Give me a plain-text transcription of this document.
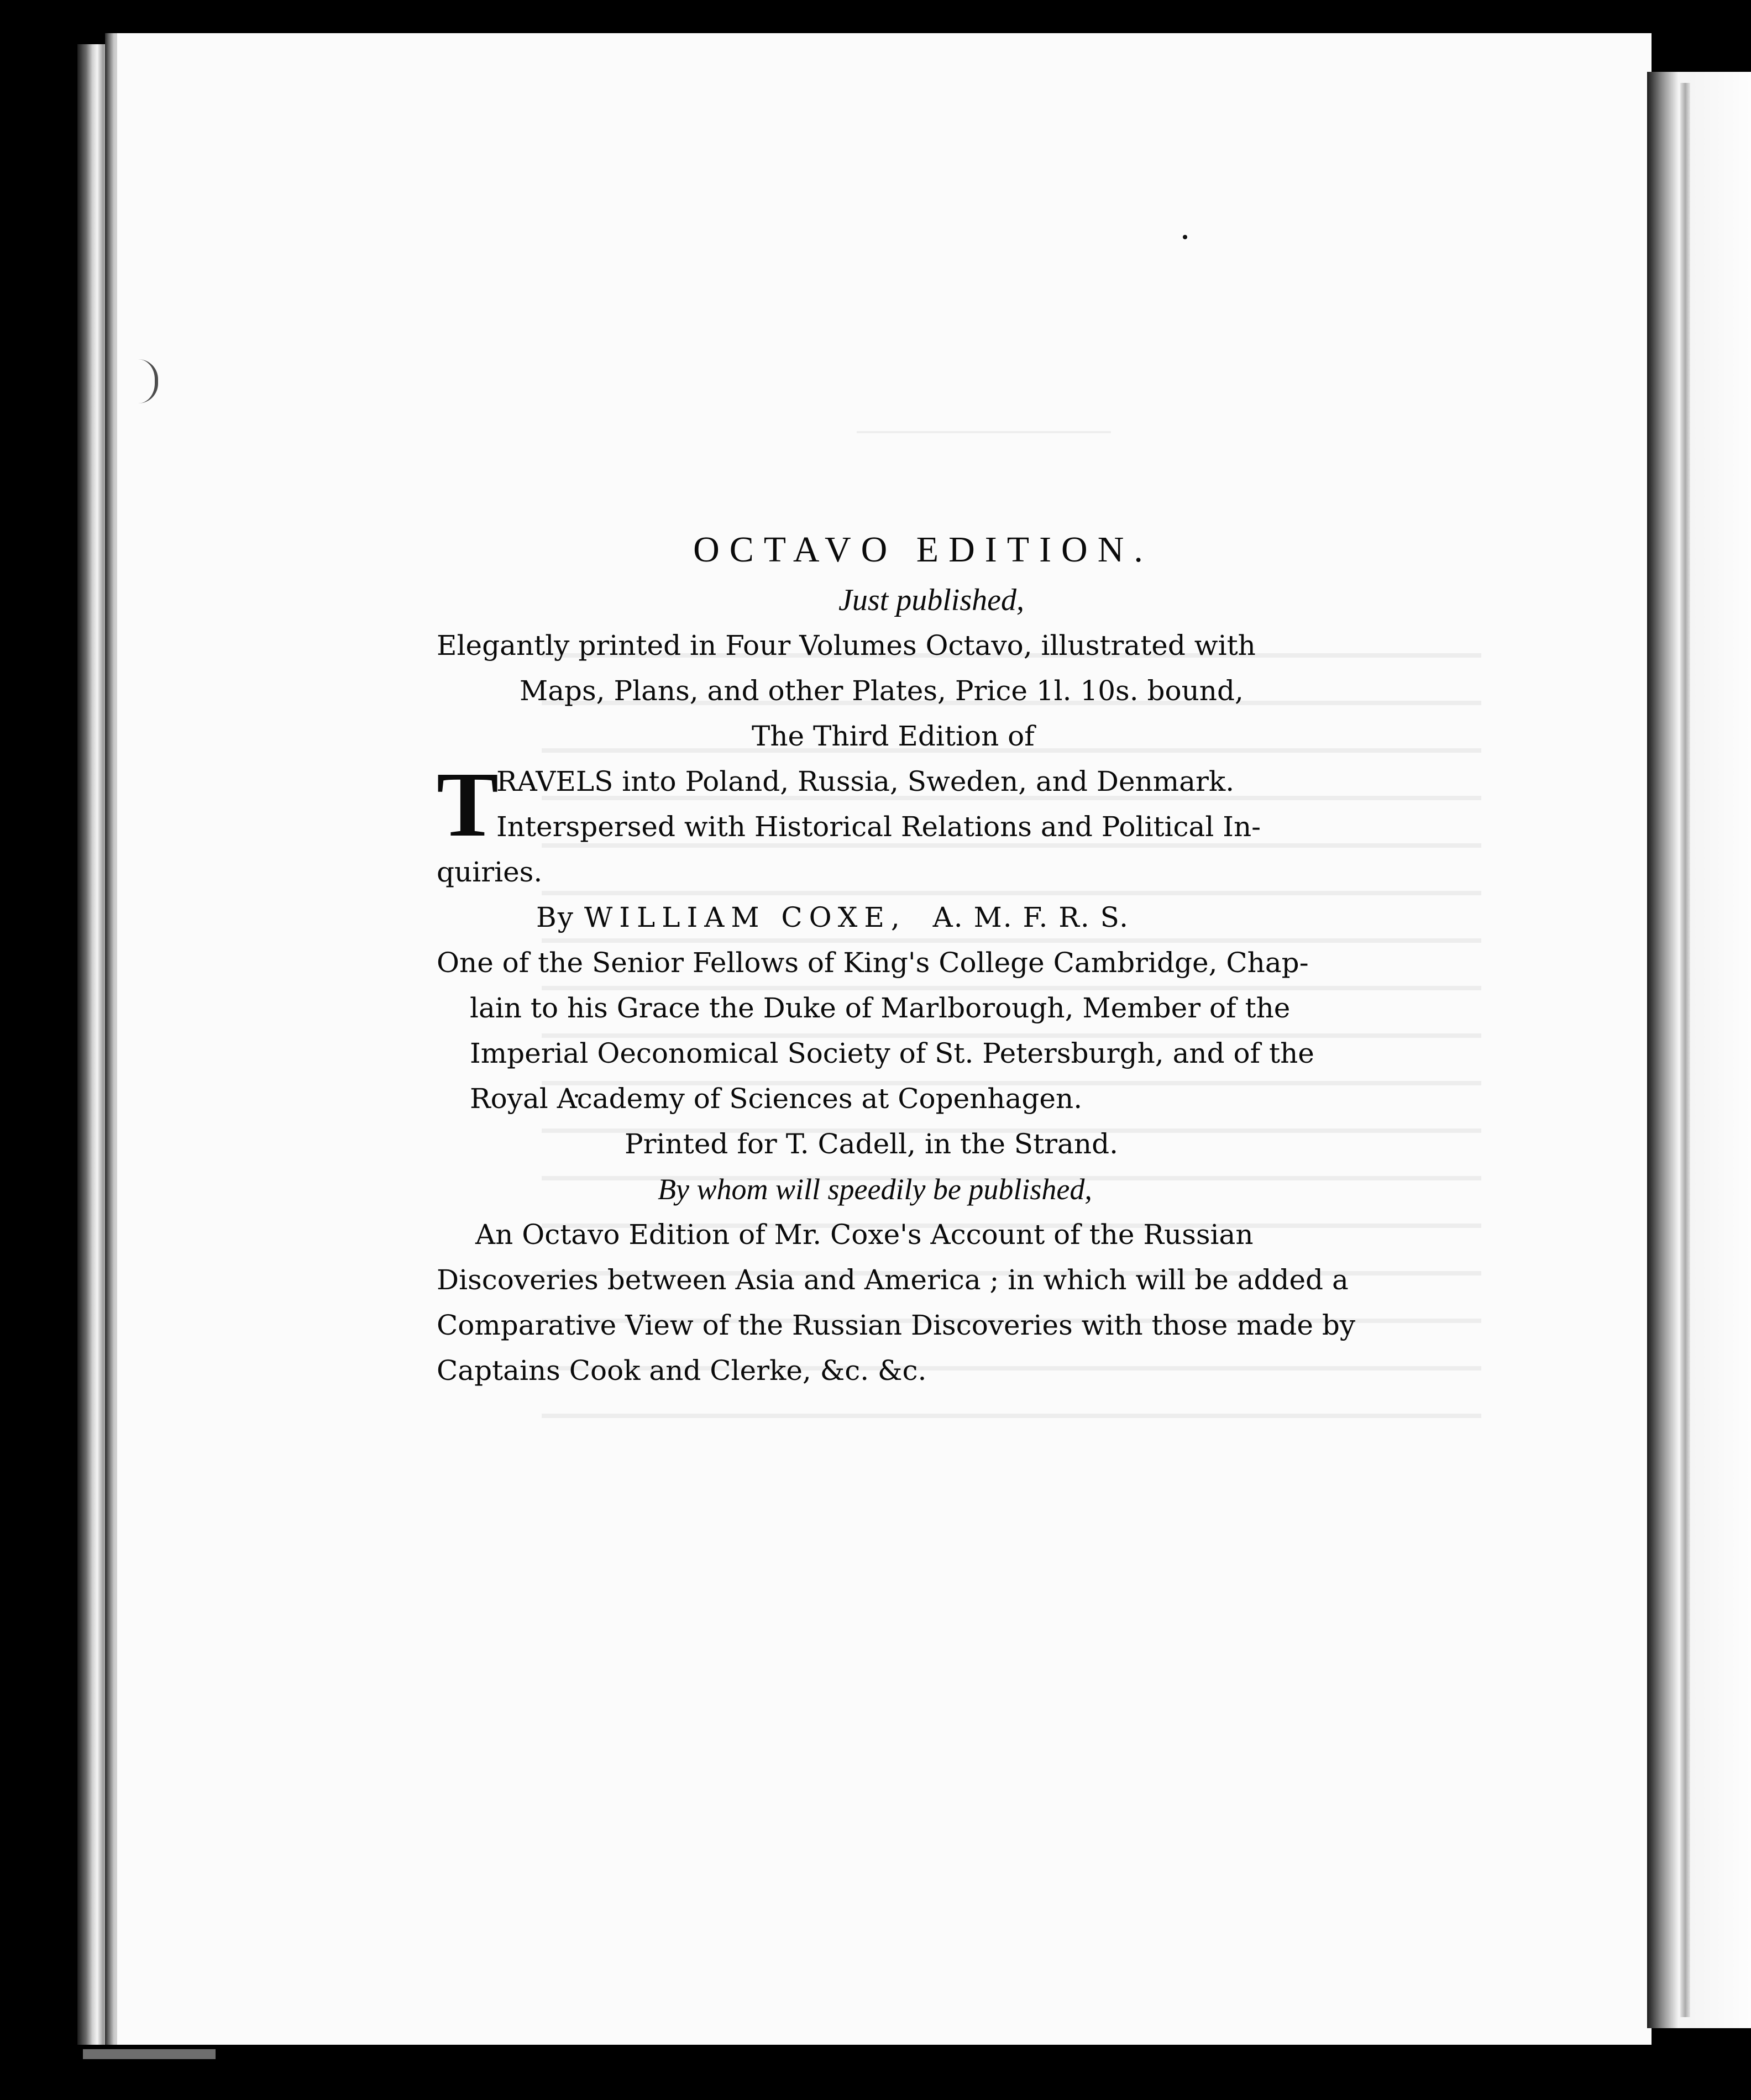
OCTAVO EDITION.
Just published,
Elegantly printed in Four Volumes Octavo, illustrated with
Maps, Plans, and other Plates, Price 1l. 10s. bound,
The Third Edition of
T
RAVELS into Poland, Russia, Sweden, and Denmark.
Interspersed with Historical Relations and Political In-
quiries.
By WILLIAM COXE, A. M. F. R. S.
One of the Senior Fellows of King's College Cambridge, Chap-
lain to his Grace the Duke of Marlborough, Member of the
Imperial Oeconomical Society of St. Petersburgh, and of the
Royal Academy of Sciences at Copenhagen.
Printed for T. Cadell, in the Strand.
By whom will speedily be published,
An Octavo Edition of Mr. Coxe's Account of the Russian
Discoveries between Asia and America ; in which will be added a
Comparative View of the Russian Discoveries with those made by
Captains Cook and Clerke, &c. &c.
